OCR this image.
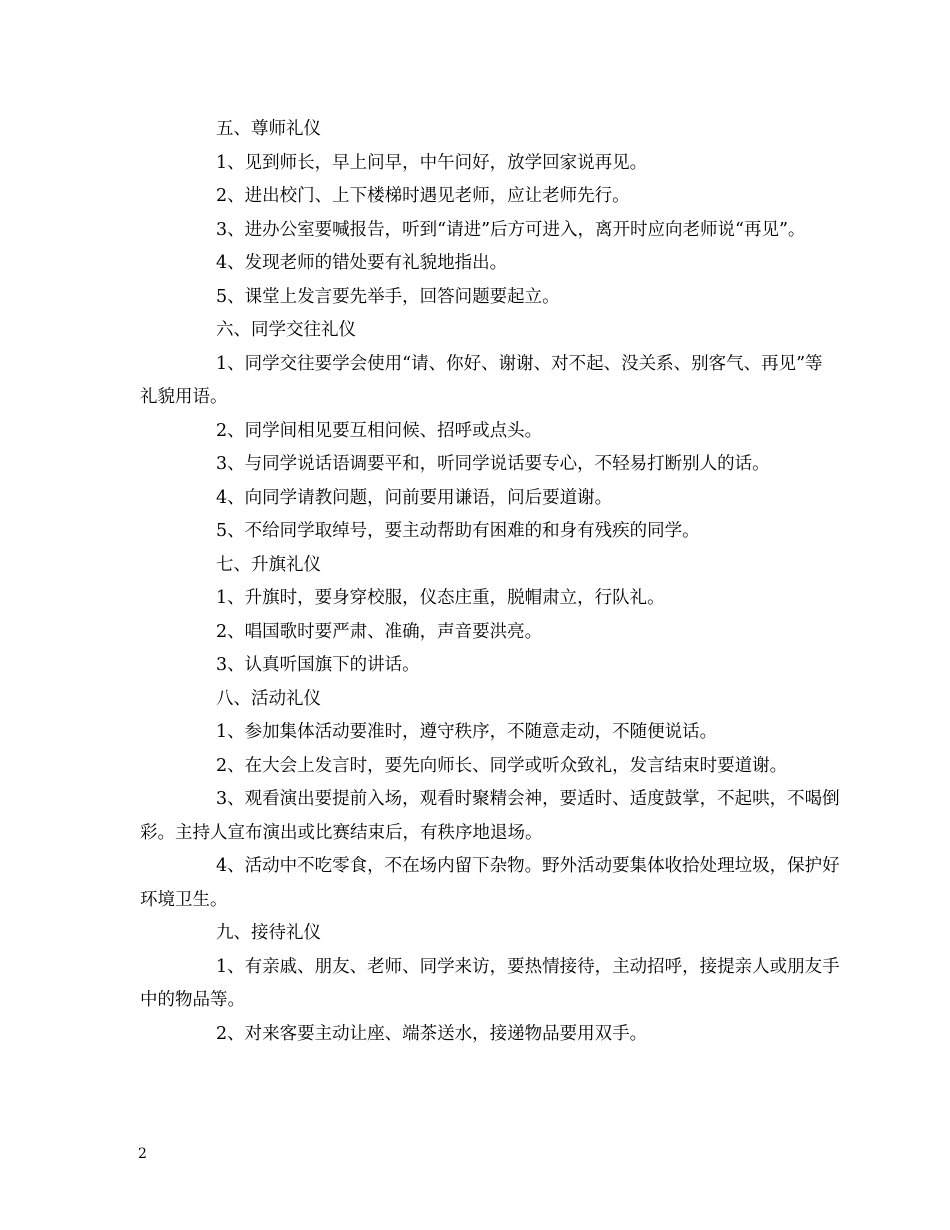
五、尊师礼仪

1、见到师长，早上问早，中午问好，放学回家说再见。

2、进出校门、上下楼梯时遇见老师，应让老师先行。

3、进办公室要喊报告，听到“请进”后方可进入，离开时应向老师说“再见”。

4、发现老师的错处要有礼貌地指出。

5、课堂上发言要先举手，回答问题要起立。

六、同学交往礼仪

1、同学交往要学会使用“请、你好、谢谢、对不起、没关系、别客气、再见”等礼貌用语。

2、同学间相见要互相问候、招呼或点头。

3、与同学说话语调要平和，听同学说话要专心，不轻易打断别人的话。

4、向同学请教问题，问前要用谦语，问后要道谢。

5、不给同学取绰号，要主动帮助有困难的和身有残疾的同学。

七、升旗礼仪

1、升旗时，要身穿校服，仪态庄重，脱帽肃立，行队礼。

2、唱国歌时要严肃、准确，声音要洪亮。

3、认真听国旗下的讲话。

八、活动礼仪

1、参加集体活动要准时，遵守秩序，不随意走动，不随便说话。

2、在大会上发言时，要先向师长、同学或听众致礼，发言结束时要道谢。

3、观看演出要提前入场，观看时聚精会神，要适时、适度鼓掌，不起哄，不喝倒彩。主持人宣布演出或比赛结束后，有秩序地退场。

4、活动中不吃零食，不在场内留下杂物。野外活动要集体收拾处理垃圾，保护好环境卫生。

九、接待礼仪

1、有亲戚、朋友、老师、同学来访，要热情接待，主动招呼，接提亲人或朋友手中的物品等。

2、对来客要主动让座、端茶送水，接递物品要用双手。

2
